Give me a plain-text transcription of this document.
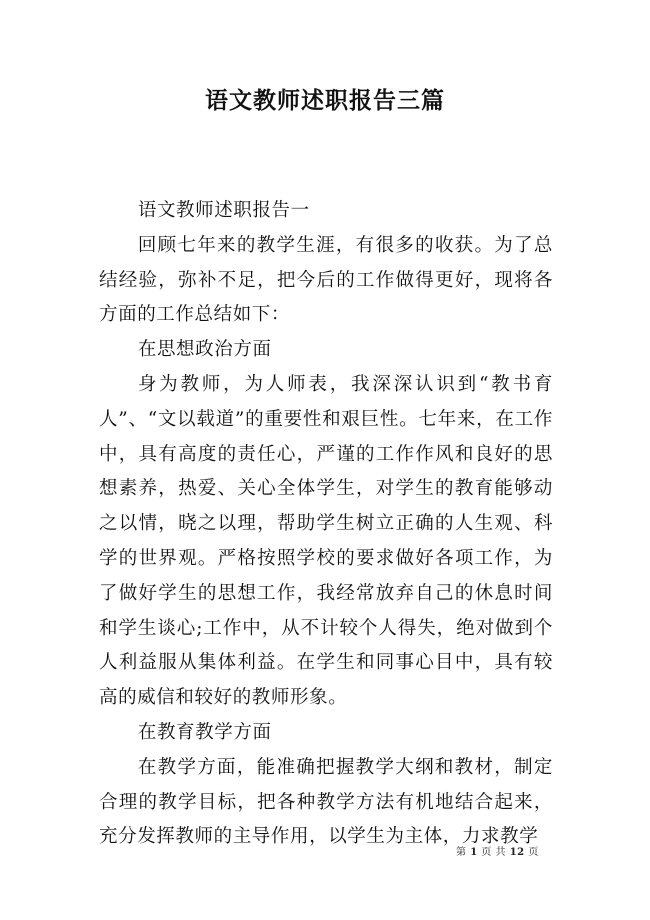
语文教师述职报告三篇

语文教师述职报告一

回顾七年来的教学生涯，有很多的收获。为了总结经验，弥补不足，把今后的工作做得更好，现将各方面的工作总结如下：

在思想政治方面

身为教师，为人师表，我深深认识到“教书育人”、“文以载道”的重要性和艰巨性。七年来，在工作中，具有高度的责任心，严谨的工作作风和良好的思想素养，热爱、关心全体学生，对学生的教育能够动之以情，晓之以理，帮助学生树立正确的人生观、科学的世界观。严格按照学校的要求做好各项工作，为了做好学生的思想工作，我经常放弃自己的休息时间和学生谈心;工作中，从不计较个人得失，绝对做到个人利益服从集体利益。在学生和同事心目中，具有较高的威信和较好的教师形象。

在教育教学方面

在教学方面，能准确把握教学大纲和教材，制定合理的教学目标，把各种教学方法有机地结合起来，充分发挥教师的主导作用，以学生为主体，力求教学

第 1 页 共 12 页
